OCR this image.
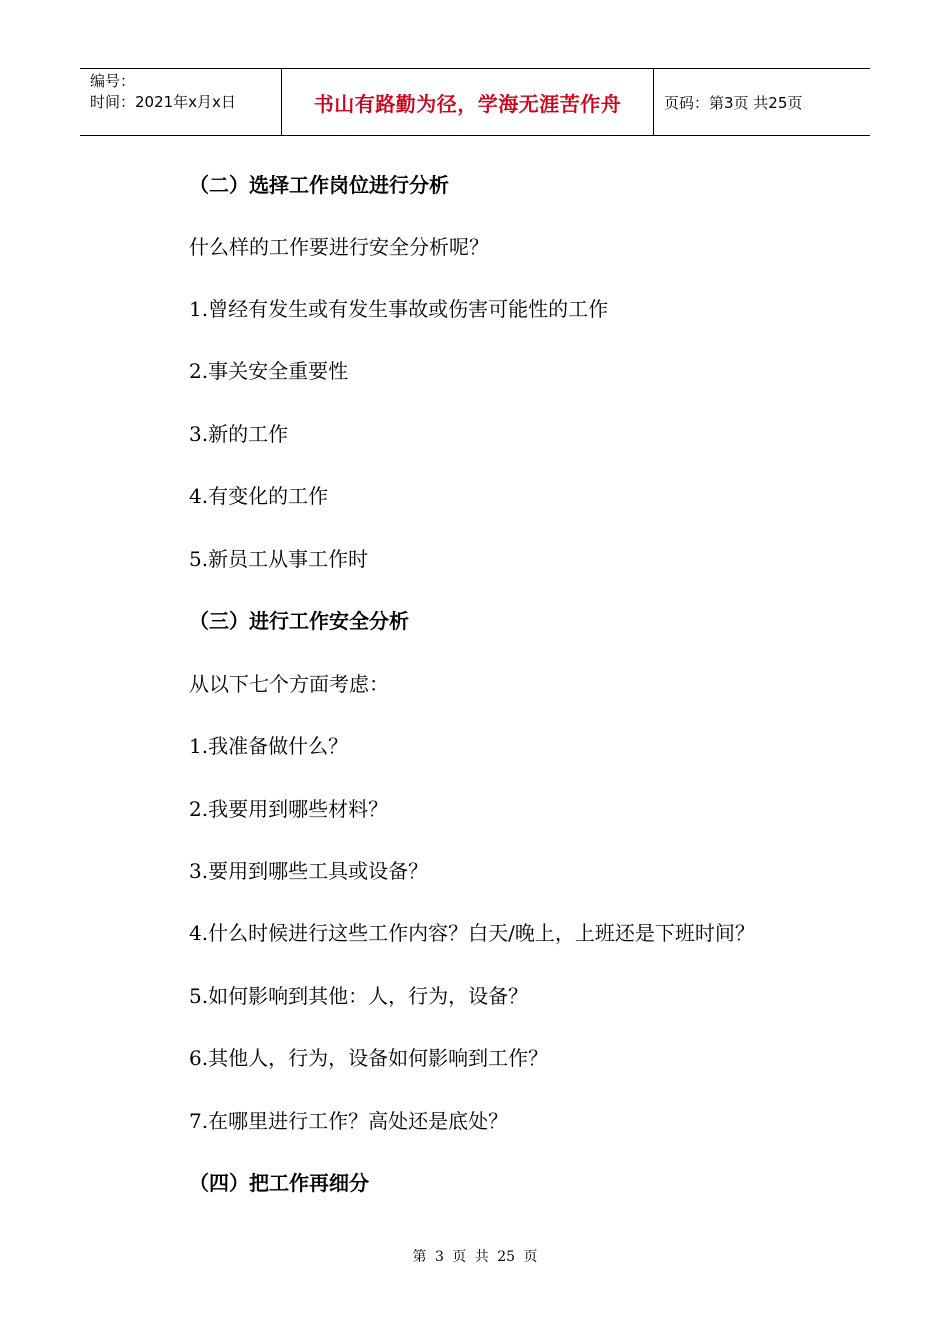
编号：
时间：2021年x月x日	书山有路勤为径，学海无涯苦作舟	页码：第3页 共25页
（二）选择工作岗位进行分析
什么样的工作要进行安全分析呢？
1.曾经有发生或有发生事故或伤害可能性的工作
2.事关安全重要性
3.新的工作
4.有变化的工作
5.新员工从事工作时
（三）进行工作安全分析
从以下七个方面考虑：
1.我准备做什么？
2.我要用到哪些材料？
3.要用到哪些工具或设备？
4.什么时候进行这些工作内容？白天/晚上，上班还是下班时间？
5.如何影响到其他：人，行为，设备？
6.其他人，行为，设备如何影响到工作？
7.在哪里进行工作？高处还是底处？
（四）把工作再细分
第 3 页 共 25 页
